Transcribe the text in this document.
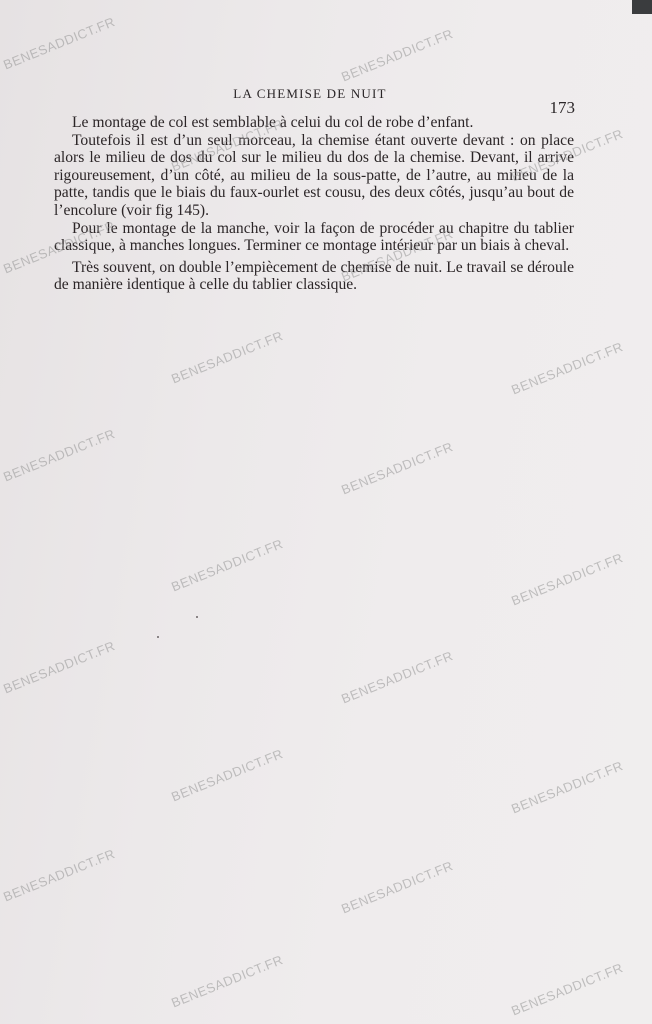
LA CHEMISE DE NUIT
173

Le montage de col est semblable à celui du col de robe d’enfant.

Toutefois il est d’un seul morceau, la chemise étant ouverte devant : on place alors le milieu de dos du col sur le milieu du dos de la chemise. Devant, il arrive rigoureusement, d’un côté, au milieu de la sous-patte, de l’autre, au milieu de la patte, tandis que le biais du faux-ourlet est cousu, des deux côtés, jusqu’au bout de l’encolure (voir fig 145).

Pour le montage de la manche, voir la façon de procéder au chapitre du tablier classique, à manches longues. Terminer ce montage intérieur par un biais à cheval.

Très souvent, on double l’empiècement de chemise de nuit. Le travail se déroule de manière identique à celle du tablier classique.

BENESADDICT.FR	BENESADDICT.FR
BENESADDICT.FR	BENESADDICT.FR
BENESADDICT.FR	BENESADDICT.FR
BENESADDICT.FR	BENESADDICT.FR
BENESADDICT.FR	BENESADDICT.FR
BENESADDICT.FR	BENESADDICT.FR
BENESADDICT.FR	BENESADDICT.FR
BENESADDICT.FR	BENESADDICT.FR
BENESADDICT.FR	BENESADDICT.FR
BENESADDICT.FR	BENESADDICT.FR
